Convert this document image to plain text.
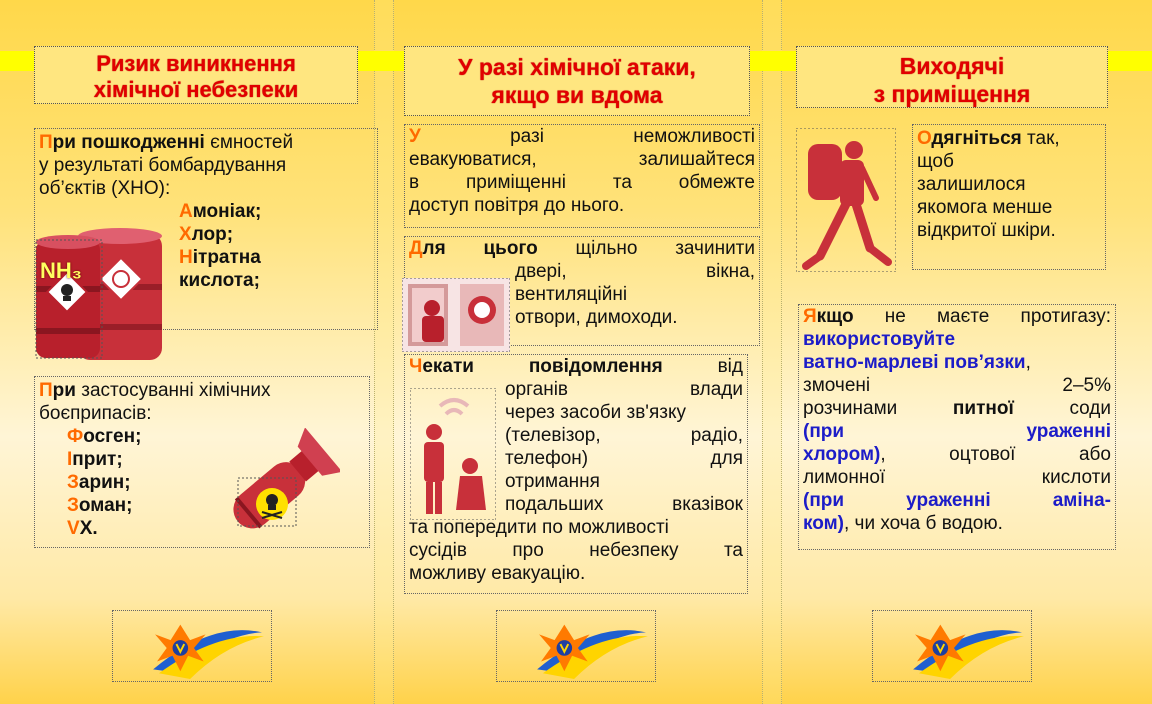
Ризик виникнення
хімічної небезпеки

При пошкодженні ємностей

у результаті бомбардування

об’єктів (ХНО):

Амоніак;

Хлор;

Нітратна

кислота;

NH₃

При застосуванні хімічних

боєприпасів:

Фосген;

Іприт;

Зарин;

Зоман;

VX.

У разі хімічної атаки,
якщо ви вдома

У разі неможливості

евакуюватися, залишайтеся

в приміщенні та обмежте

доступ повітря до нього.

Для цього щільно зачинити

двері, вікна,

вентиляційні

отвори, димоходи.

Чекати повідомлення від

органів влади

через засоби зв'язку

(телевізор, радіо,

телефон) для

отримання

подальших вказівок

та попередити по можливості

сусідів про небезпеку та

можливу евакуацію.

Виходячі
з приміщення

Одягніться так,

щоб

залишилося

якомога менше

відкритої шкіри.

Якщо не маєте протигазу:

використовуйте

ватно-марлеві пов’язки,

змочені 2–5%

розчинами питної соди

(при ураженні

хлором), оцтової або

лимонної кислоти

(при ураженні аміна-

ком), чи хоча б водою.
